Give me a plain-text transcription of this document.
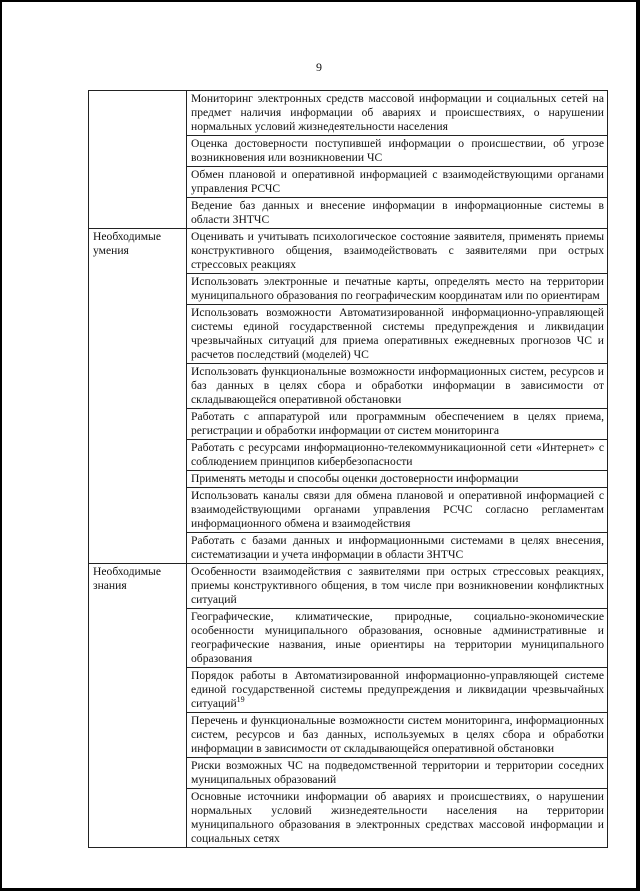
9
	Мониторинг электронных средств массовой информации и социальных сетей на предмет наличия информации об авариях и происшествиях, о нарушении нормальных условий жизнедеятельности населения
	Оценка достоверности поступившей информации о происшествии, об угрозе возникновения или возникновении ЧС
	Обмен плановой и оперативной информацией с взаимодействующими органами управления РСЧС
	Ведение баз данных и внесение информации в информационные системы в области ЗНТЧС
Необходимые умения	Оценивать и учитывать психологическое состояние заявителя, применять приемы конструктивного общения, взаимодействовать с заявителями при острых стрессовых реакциях
	Использовать электронные и печатные карты, определять место на территории муниципального образования по географическим координатам или по ориентирам
	Использовать возможности Автоматизированной информационно-управляющей системы единой государственной системы предупреждения и ликвидации чрезвычайных ситуаций для приема оперативных ежедневных прогнозов ЧС и расчетов последствий (моделей) ЧС
	Использовать функциональные возможности информационных систем, ресурсов и баз данных в целях сбора и обработки информации в зависимости от складывающейся оперативной обстановки
	Работать с аппаратурой или программным обеспечением в целях приема, регистрации и обработки информации от систем мониторинга
	Работать с ресурсами информационно-телекоммуникационной сети «Интернет» с соблюдением принципов кибербезопасности
	Применять методы и способы оценки достоверности информации
	Использовать каналы связи для обмена плановой и оперативной информацией с взаимодействующими органами управления РСЧС согласно регламентам информационного обмена и взаимодействия
	Работать с базами данных и информационными системами в целях внесения, систематизации и учета информации в области ЗНТЧС
Необходимые знания	Особенности взаимодействия с заявителями при острых стрессовых реакциях, приемы конструктивного общения, в том числе при возникновении конфликтных ситуаций
	Географические, климатические, природные, социально-экономические особенности муниципального образования, основные административные и географические названия, иные ориентиры на территории муниципального образования
	Порядок работы в Автоматизированной информационно-управляющей системе единой государственной системы предупреждения и ликвидации чрезвычайных ситуаций$^{19}$
	Перечень и функциональные возможности систем мониторинга, информационных систем, ресурсов и баз данных, используемых в целях сбора и обработки информации в зависимости от складывающейся оперативной обстановки
	Риски возможных ЧС на подведомственной территории и территории соседних муниципальных образований
	Основные источники информации об авариях и происшествиях, о нарушении нормальных условий жизнедеятельности населения на территории муниципального образования в электронных средствах массовой информации и социальных сетях
